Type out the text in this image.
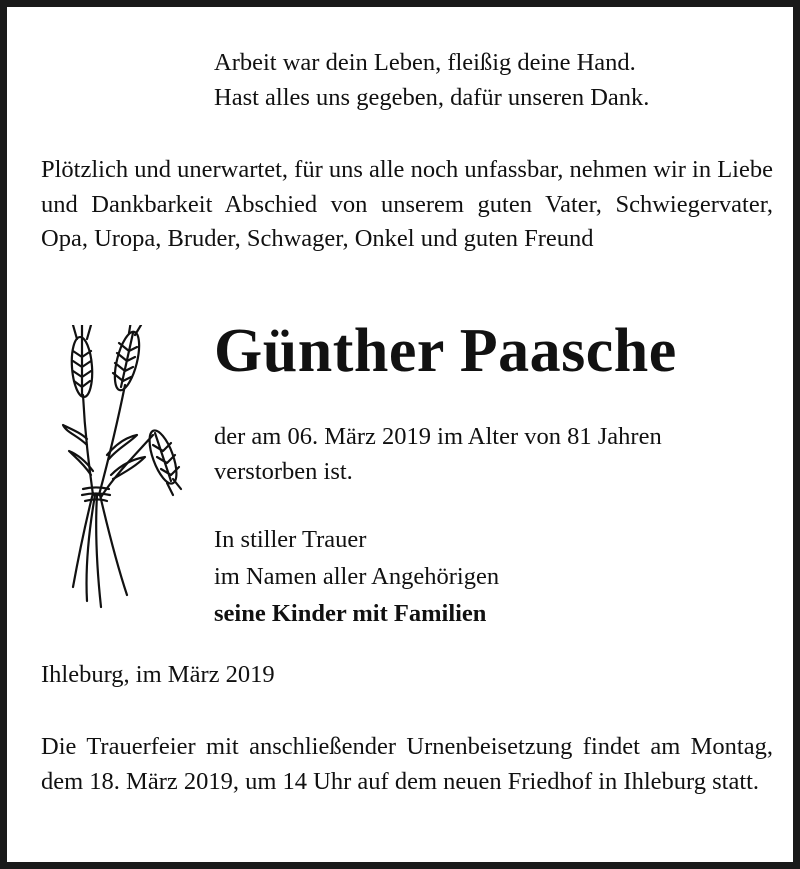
Arbeit war dein Leben, fleißig deine Hand.
Hast alles uns gegeben, dafür unseren Dank.
Plötzlich und unerwartet, für uns alle noch unfassbar, nehmen wir in Liebe und Dankbarkeit Abschied von unserem guten Vater, Schwiegervater, Opa, Uropa, Bruder, Schwager, Onkel und guten Freund
Günther Paasche
der am 06. März 2019 im Alter von 81 Jahren
verstorben ist.
In stiller Trauer
im Namen aller Angehörigen
seine Kinder mit Familien
Ihleburg, im März 2019
Die Trauerfeier mit anschließender Urnenbeisetzung findet am Montag, dem 18. März 2019, um 14 Uhr auf dem neuen Friedhof in Ihleburg statt.
